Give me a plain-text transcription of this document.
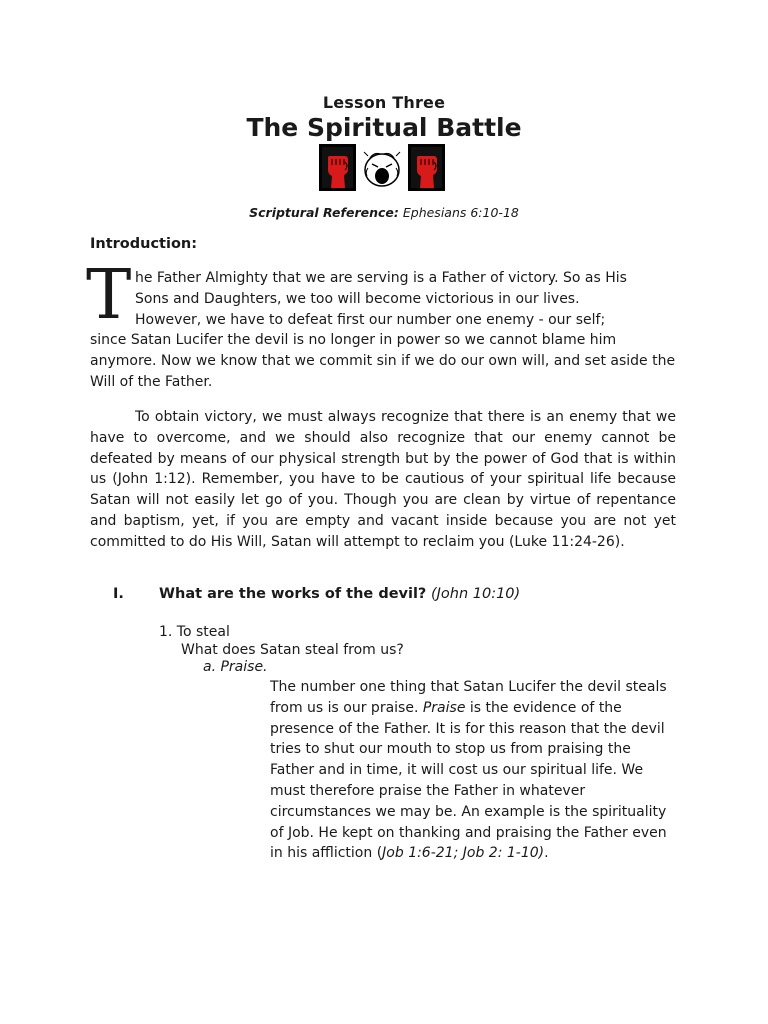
Lesson Three
The Spiritual Battle
Scriptural Reference: Ephesians 6:10-18
Introduction:
T he Father Almighty that we are serving is a Father of victory. So as His
Sons and Daughters, we too will become victorious in our lives.
However, we have to defeat first our number one enemy - our self;
since Satan Lucifer the devil is no longer in power so we cannot blame him anymore. Now we know that we commit sin if we do our own will, and set aside the Will of the Father.
To obtain victory, we must always recognize that there is an enemy that we have to overcome, and we should also recognize that our enemy cannot be defeated by means of our physical strength but by the power of God that is within us (John 1:12). Remember, you have to be cautious of your spiritual life because Satan will not easily let go of you. Though you are clean by virtue of repentance and baptism, yet, if you are empty and vacant inside because you are not yet committed to do His Will, Satan will attempt to reclaim you (Luke 11:24-26).
I. What are the works of the devil? (John 10:10)
1. To steal
What does Satan steal from us?
a. Praise.
The number one thing that Satan Lucifer the devil steals from us is our praise. Praise is the evidence of the presence of the Father. It is for this reason that the devil tries to shut our mouth to stop us from praising the Father and in time, it will cost us our spiritual life. We must therefore praise the Father in whatever circumstances we may be. An example is the spirituality of Job. He kept on thanking and praising the Father even in his affliction (Job 1:6-21; Job 2: 1-10).
